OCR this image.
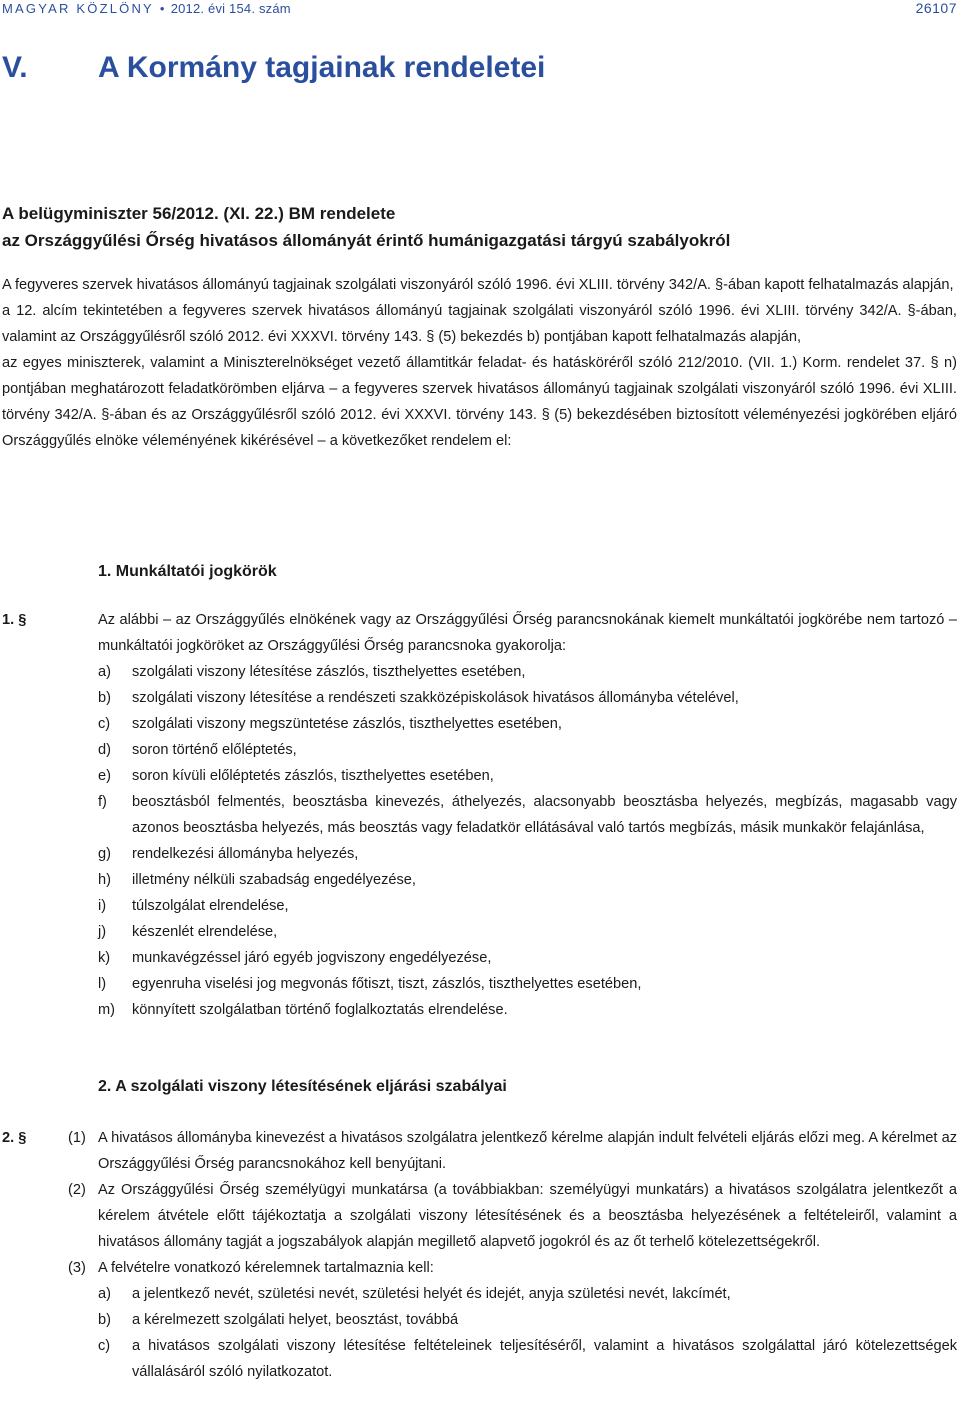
MAGYAR KÖZLÖNY • 2012. évi 154. szám	26107
V. A Kormány tagjainak rendeletei
A belügyminiszter 56/2012. (XI. 22.) BM rendelete
az Országgyűlési Őrség hivatásos állományát érintő humánigazgatási tárgyú szabályokról

A fegyveres szervek hivatásos állományú tagjainak szolgálati viszonyáról szóló 1996. évi XLIII. törvény 342/A. §-ában kapott felhatalmazás alapján,

a 12. alcím tekintetében a fegyveres szervek hivatásos állományú tagjainak szolgálati viszonyáról szóló 1996. évi XLIII. törvény 342/A. §-ában, valamint az Országgyűlésről szóló 2012. évi XXXVI. törvény 143. § (5) bekezdés b) pontjában kapott felhatalmazás alapján,

az egyes miniszterek, valamint a Miniszterelnökséget vezető államtitkár feladat- és hatásköréről szóló 212/2010. (VII. 1.) Korm. rendelet 37. § n) pontjában meghatározott feladatkörömben eljárva – a fegyveres szervek hivatásos állományú tagjainak szolgálati viszonyáról szóló 1996. évi XLIII. törvény 342/A. §-ában és az Országgyűlésről szóló 2012. évi XXXVI. törvény 143. § (5) bekezdésében biztosított véleményezési jogkörében eljáró Országgyűlés elnöke véleményének kikérésével – a következőket rendelem el:

1. Munkáltatói jogkörök
1. §	Az alábbi – az Országgyűlés elnökének vagy az Országgyűlési Őrség parancsnokának kiemelt munkáltatói jogkörébe nem tartozó – munkáltatói jogköröket az Országgyűlési Őrség parancsnoka gyakorolja:
a) szolgálati viszony létesítése zászlós, tiszthelyettes esetében,
b) szolgálati viszony létesítése a rendészeti szakközépiskolások hivatásos állományba vételével,
c) szolgálati viszony megszüntetése zászlós, tiszthelyettes esetében,
d) soron történő előléptetés,
e) soron kívüli előléptetés zászlós, tiszthelyettes esetében,
f) beosztásból felmentés, beosztásba kinevezés, áthelyezés, alacsonyabb beosztásba helyezés, megbízás, magasabb vagy azonos beosztásba helyezés, más beosztás vagy feladatkör ellátásával való tartós megbízás, másik munkakör felajánlása,
g) rendelkezési állományba helyezés,
h) illetmény nélküli szabadság engedélyezése,
i) túlszolgálat elrendelése,
j) készenlét elrendelése,
k) munkavégzéssel járó egyéb jogviszony engedélyezése,
l) egyenruha viselési jog megvonás főtiszt, tiszt, zászlós, tiszthelyettes esetében,
m) könnyített szolgálatban történő foglalkoztatás elrendelése.
2. A szolgálati viszony létesítésének eljárási szabályai
2. §	(1) A hivatásos állományba kinevezést a hivatásos szolgálatra jelentkező kérelme alapján indult felvételi eljárás előzi meg. A kérelmet az Országgyűlési Őrség parancsnokához kell benyújtani.
(2) Az Országgyűlési Őrség személyügyi munkatársa (a továbbiakban: személyügyi munkatárs) a hivatásos szolgálatra jelentkezőt a kérelem átvétele előtt tájékoztatja a szolgálati viszony létesítésének és a beosztásba helyezésének a feltételeiről, valamint a hivatásos állomány tagját a jogszabályok alapján megillető alapvető jogokról és az őt terhelő kötelezettségekről.
(3) A felvételre vonatkozó kérelemnek tartalmaznia kell:
a) a jelentkező nevét, születési nevét, születési helyét és idejét, anyja születési nevét, lakcímét,
b) a kérelmezett szolgálati helyet, beosztást, továbbá
c) a hivatásos szolgálati viszony létesítése feltételeinek teljesítéséről, valamint a hivatásos szolgálattal járó kötelezettségek vállalásáról szóló nyilatkozatot.
